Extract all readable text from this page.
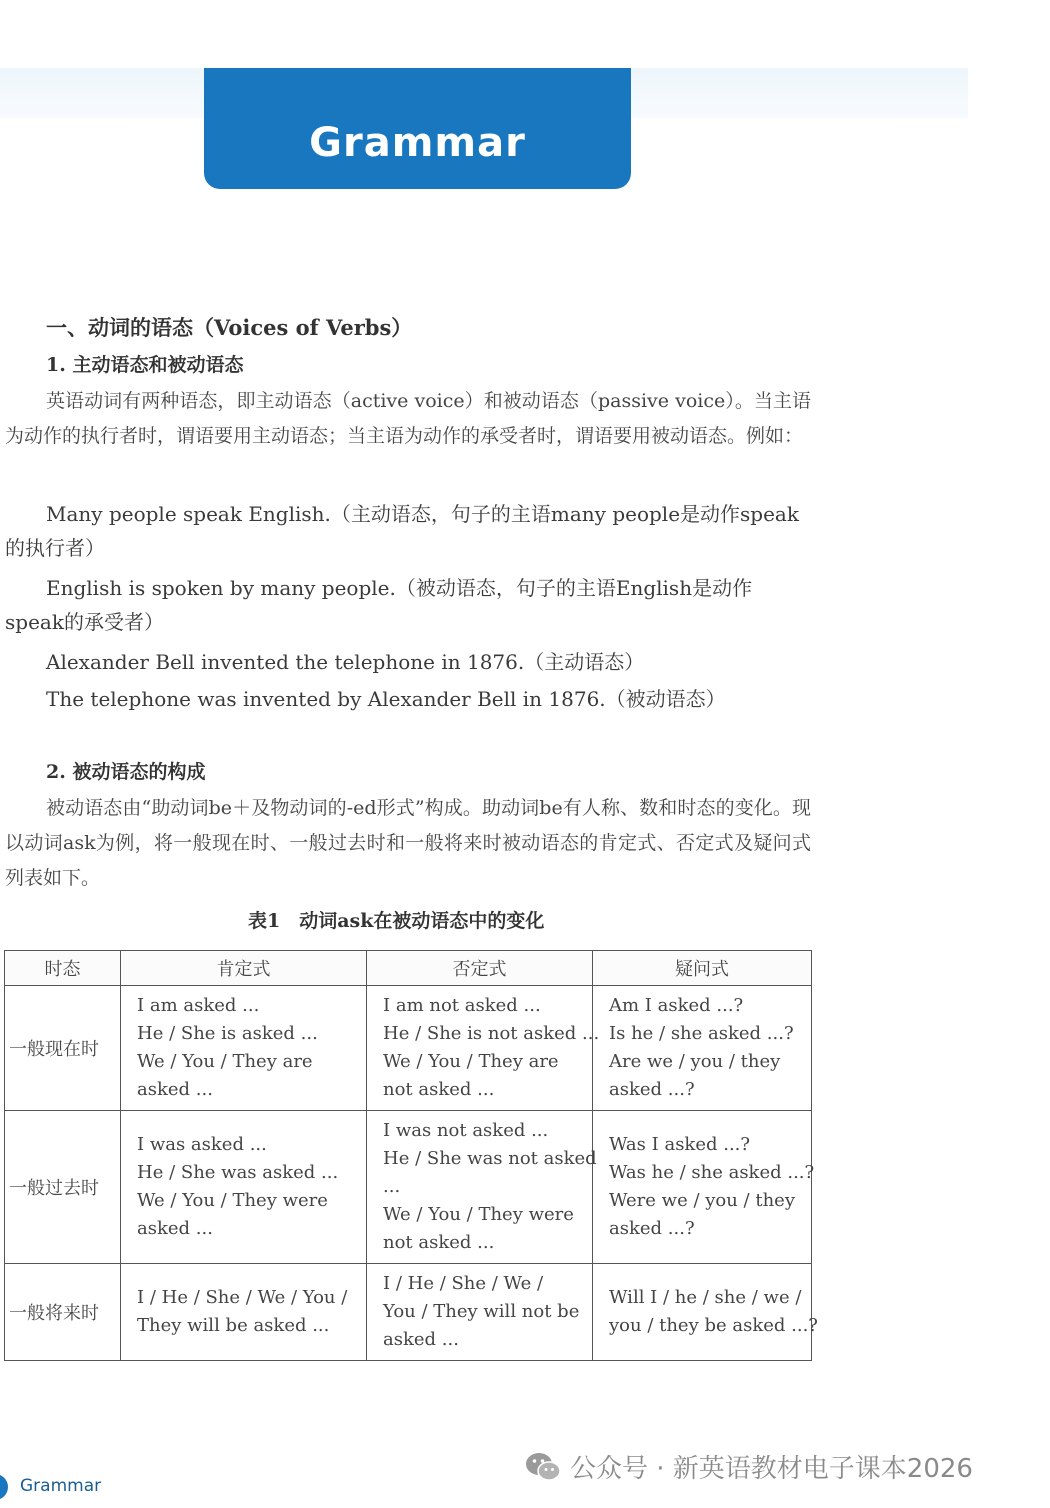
Grammar
一、动词的语态（Voices of Verbs）
1. 主动语态和被动语态
英语动词有两种语态，即主动语态（active voice）和被动语态（passive voice）。当主语为动作的执行者时，谓语要用主动语态；当主语为动作的承受者时，谓语要用被动语态。例如：
Many people speak English.（主动语态，句子的主语many people是动作speak的执行者）
English is spoken by many people.（被动语态，句子的主语English是动作speak的承受者）
Alexander Bell invented the telephone in 1876.（主动语态）
The telephone was invented by Alexander Bell in 1876.（被动语态）
2. 被动语态的构成
被动语态由“助动词be＋及物动词的-ed形式”构成。助动词be有人称、数和时态的变化。现以动词ask为例，将一般现在时、一般过去时和一般将来时被动语态的肯定式、否定式及疑问式列表如下。
表1　动词ask在被动语态中的变化
时态	肯定式	否定式	疑问式
一般现在时	I am asked ...
He / She is asked ...
We / You / They are
asked ...	I am not asked ...
He / She is not asked ...
We / You / They are
not asked ...	Am I asked ...?
Is he / she asked ...?
Are we / you / they
asked ...?

一般过去时	I was asked ...
He / She was asked ...
We / You / They were
asked ...	I was not asked ...
He / She was not asked
...
We / You / They were
not asked ...	Was I asked ...?
Was he / she asked ...?
Were we / you / they
asked ...?

一般将来时	I / He / She / We / You /
They will be asked ...	I / He / She / We /
You / They will not be
asked ...	Will I / he / she / we /
you / they be asked ...?
Grammar
公众号 · 新英语教材电子课本2026
